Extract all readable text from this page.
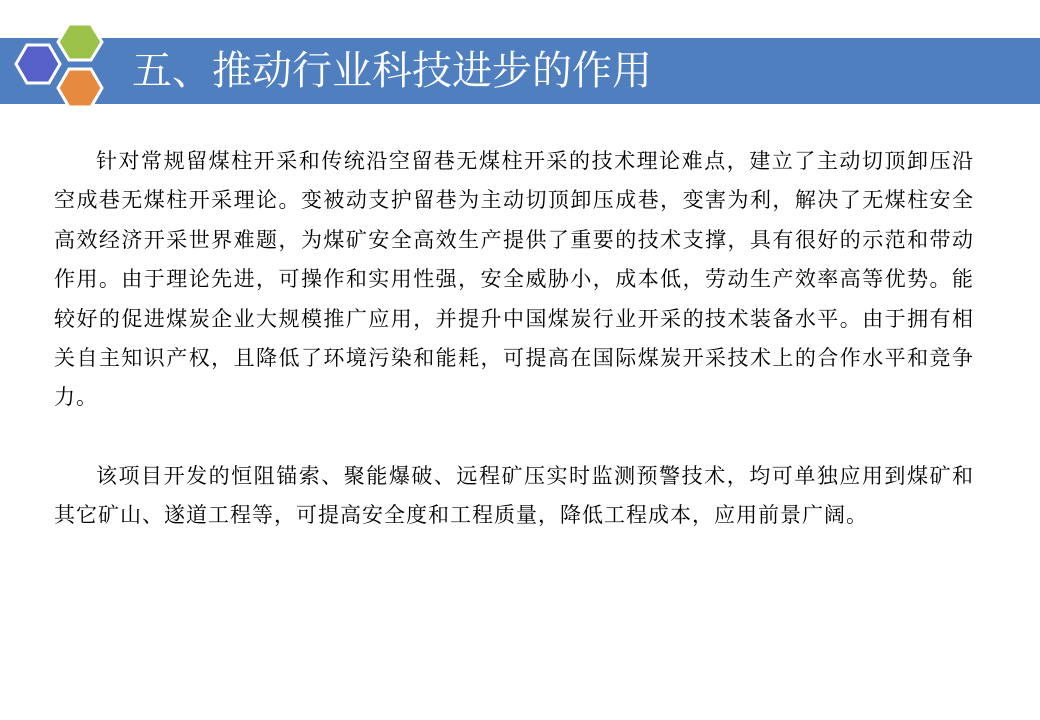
五、推动行业科技进步的作用

针对常规留煤柱开采和传统沿空留巷无煤柱开采的技术理论难点，建立了主动切顶卸压沿空成巷无煤柱开采理论。变被动支护留巷为主动切顶卸压成巷，变害为利，解决了无煤柱安全高效经济开采世界难题，为煤矿安全高效生产提供了重要的技术支撑，具有很好的示范和带动作用。由于理论先进，可操作和实用性强，安全威胁小，成本低，劳动生产效率高等优势。能较好的促进煤炭企业大规模推广应用，并提升中国煤炭行业开采的技术装备水平。由于拥有相关自主知识产权，且降低了环境污染和能耗，可提高在国际煤炭开采技术上的合作水平和竞争力。

该项目开发的恒阻锚索、聚能爆破、远程矿压实时监测预警技术，均可单独应用到煤矿和其它矿山、遂道工程等，可提高安全度和工程质量，降低工程成本，应用前景广阔。
